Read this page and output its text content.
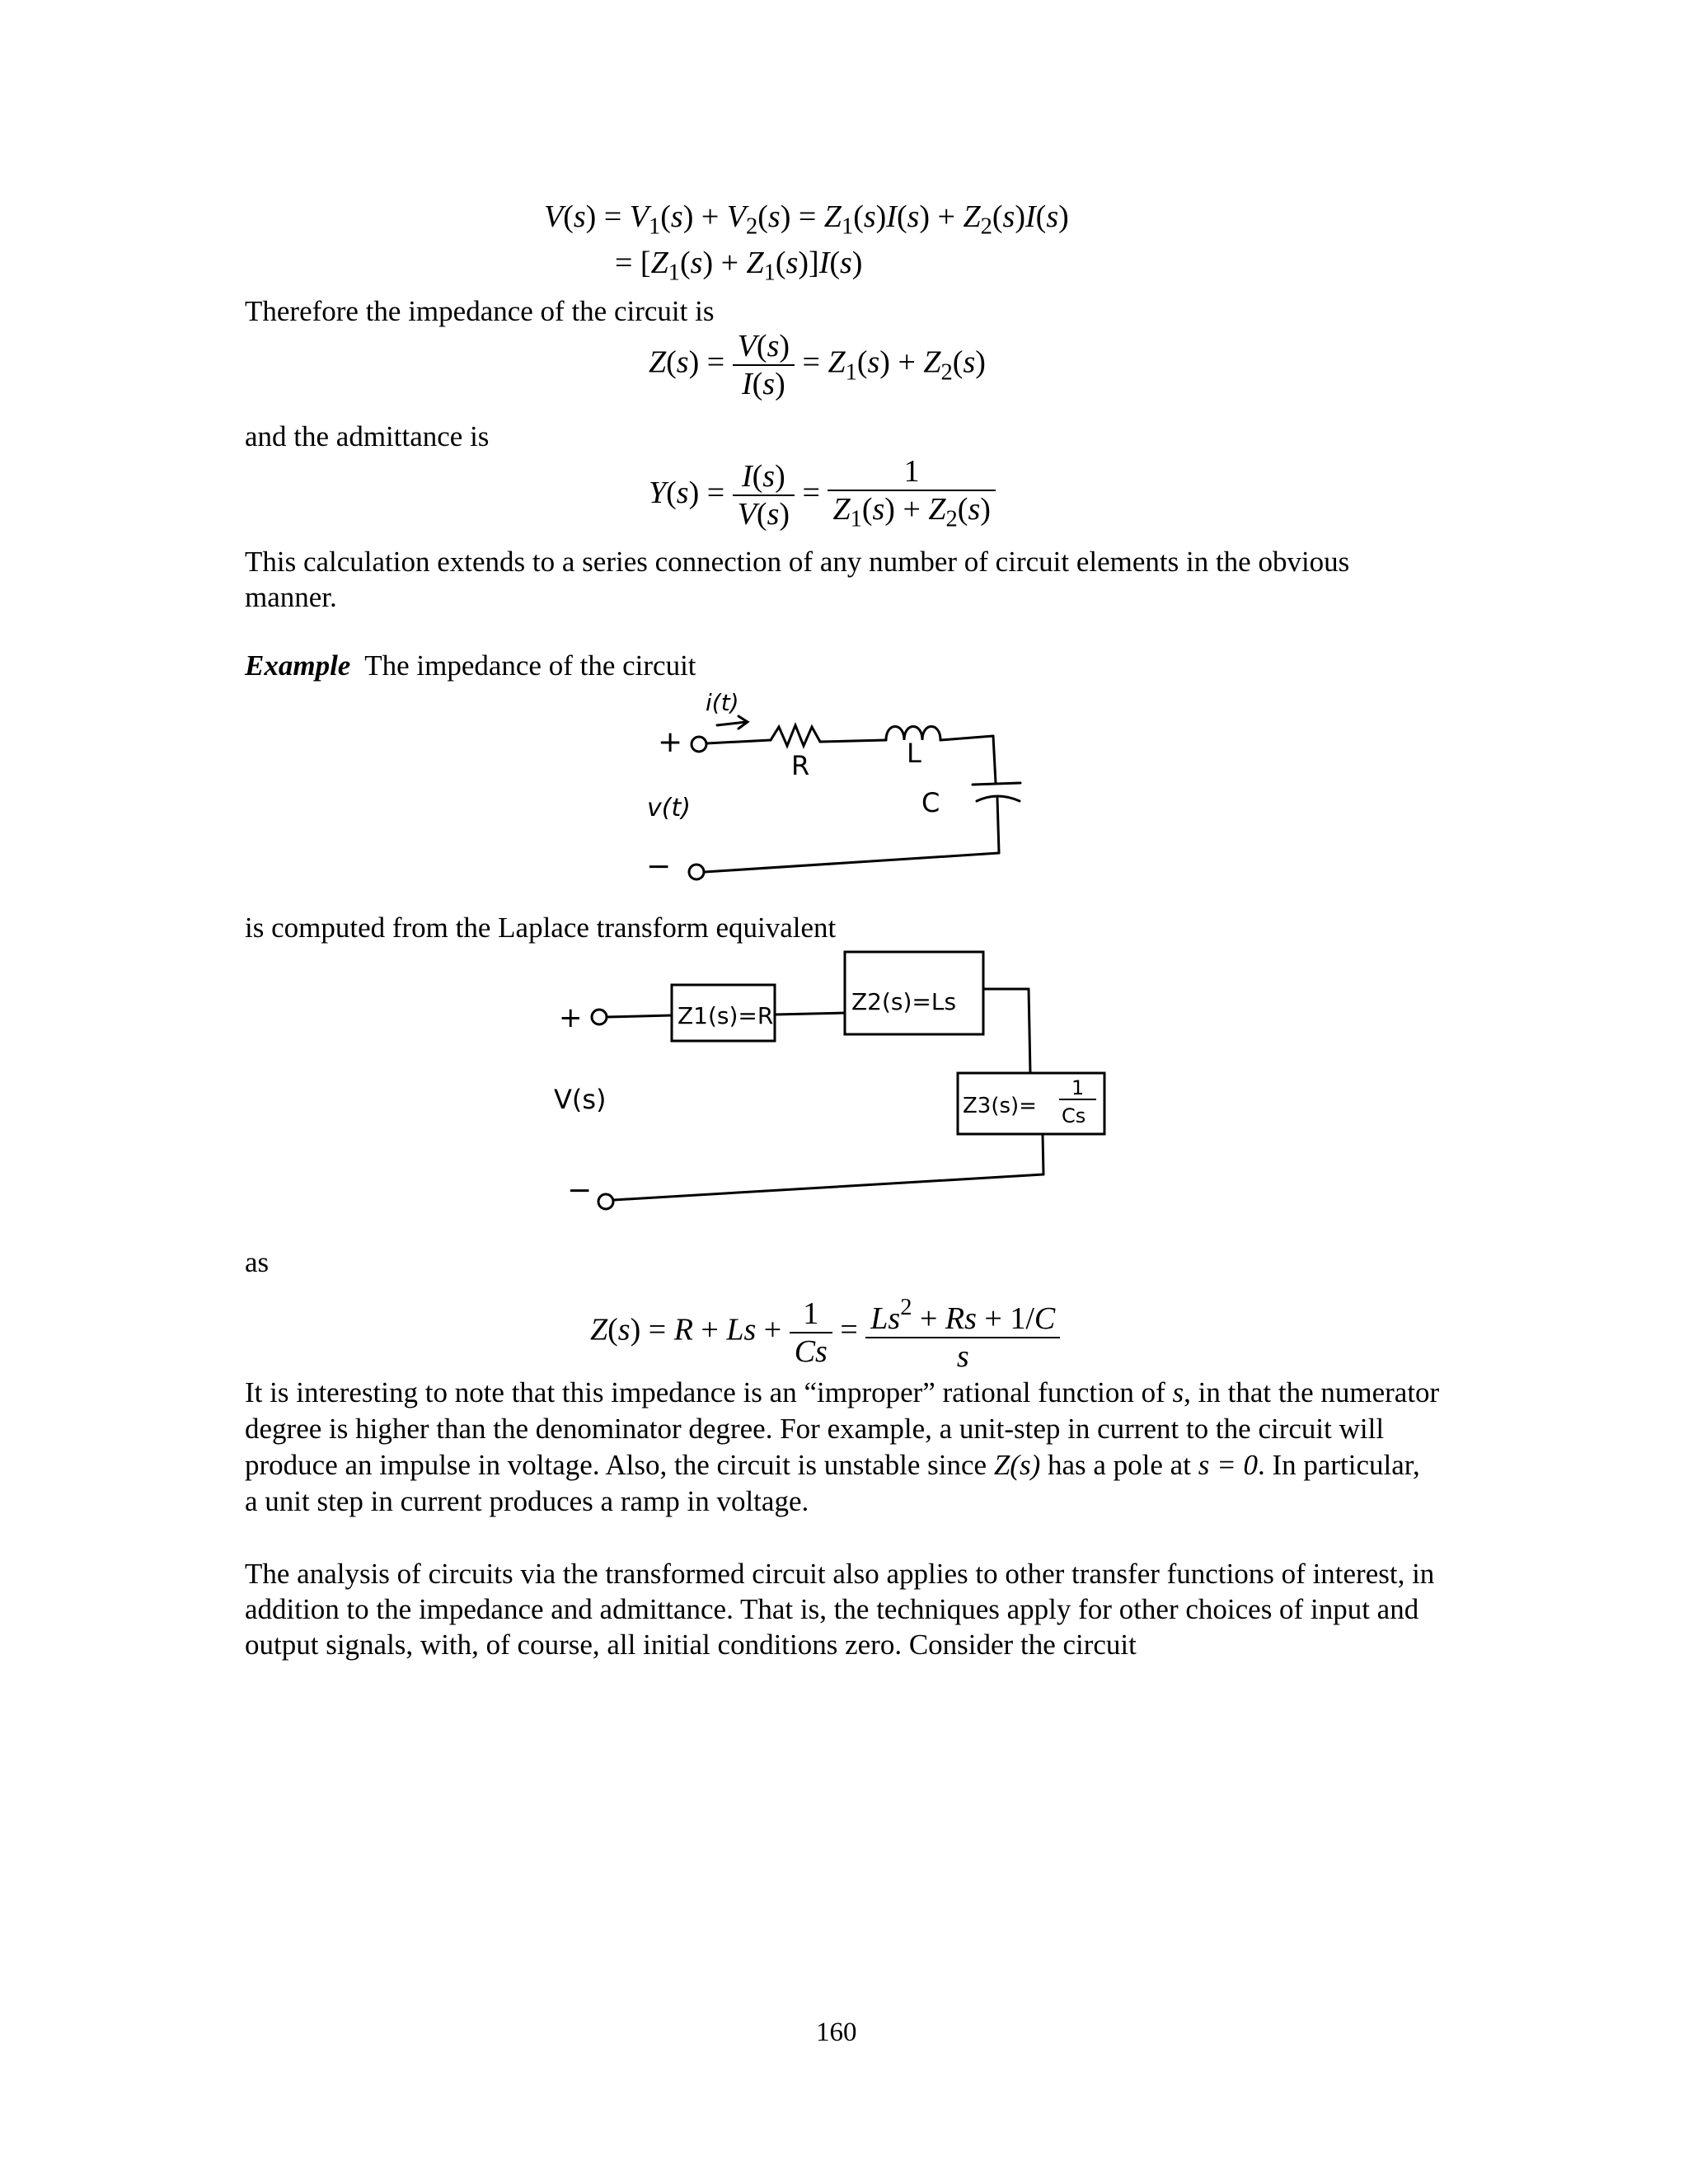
$V(s) = V_1(s) + V_2(s) = Z_1(s)I(s) + Z_2(s)I(s)$
= $[Z_1(s) + Z_1(s)]I(s)$
Therefore the impedance of the circuit is
$Z(s) = \frac{V(s)}{I(s)} = Z_1(s) + Z_2(s)$
and the admittance is
$Y(s) = \frac{I(s)}{V(s)} = \frac{1}{Z_1(s) + Z_2(s)}$
This calculation extends to a series connection of any number of circuit elements in the obvious manner.
Example The impedance of the circuit
+
−
i(t)
v(t)
R	L
C
is computed from the Laplace transform equivalent
+
−
V(s)
Z1(s)=R
Z2(s)=Ls
Z3(s)=
1
Cs
as
$Z(s) = R + Ls + \frac{1}{Cs} = \frac{Ls^2 + Rs + 1/C}{s}$
It is interesting to note that this impedance is an “improper” rational function of s, in that the numerator degree is higher than the denominator degree. For example, a unit-step in current to the circuit will produce an impulse in voltage. Also, the circuit is unstable since Z(s) has a pole at s = 0. In particular, a unit step in current produces a ramp in voltage.
The analysis of circuits via the transformed circuit also applies to other transfer functions of interest, in addition to the impedance and admittance. That is, the techniques apply for other choices of input and output signals, with, of course, all initial conditions zero. Consider the circuit
160
